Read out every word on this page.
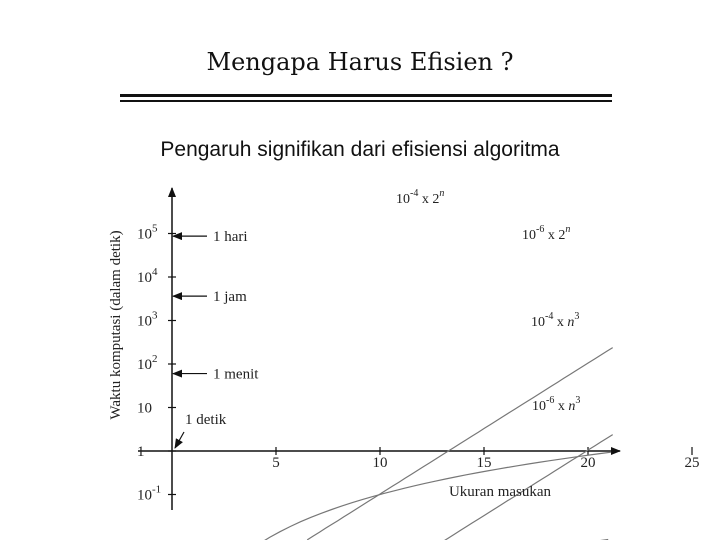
Mengapa Harus Efisien ?
Pengaruh signifikan dari efisiensi algoritma
5	10	15	20	25
$10^{-1}$
1
10
$10^2$
$10^3$
$10^4$
$10^5$
Ukuran masukan
Waktu komputasi (dalam detik)	1 hari
1 jam
1 menit
1 detik
$10^{-4}$ x 2$^n$
$10^{-6}$ x 2$^n$
$10^{-4}$ x $n^3$
$10^{-6}$ x $n^3$
